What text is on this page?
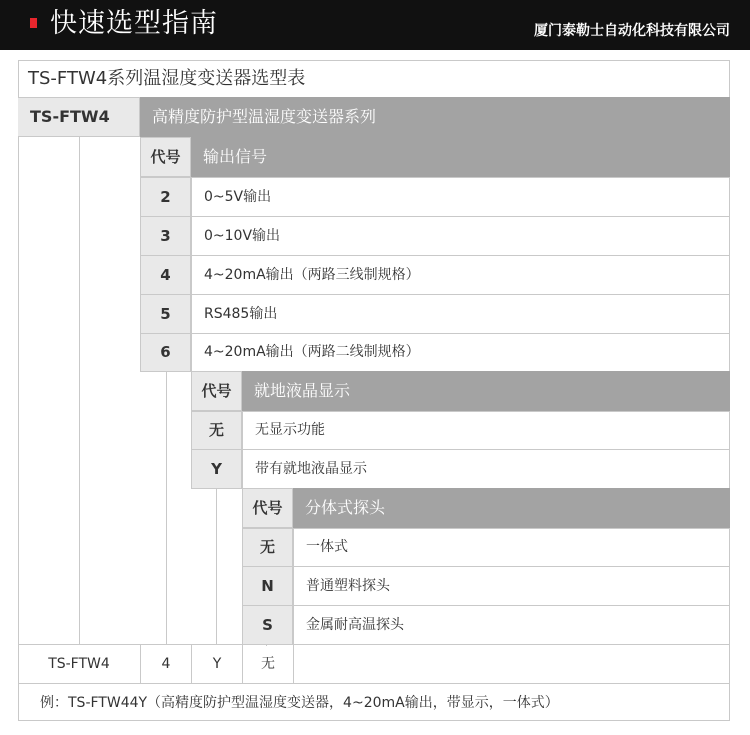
快速选型指南	厦门泰勒士自动化科技有限公司
TS-FTW4系列温湿度变送器选型表
TS-FTW4	高精度防护型温湿度变送器系列
代号	输出信号
2	0~5V输出
3	0~10V输出
4	4~20mA输出（两路三线制规格）
5	RS485输出
6	4~20mA输出（两路二线制规格）
代号	就地液晶显示
无	无显示功能
Y	带有就地液晶显示
代号	分体式探头
无	一体式
N	普通塑料探头
S	金属耐高温探头
TS-FTW4	4	Y	无
例：TS-FTW44Y（高精度防护型温湿度变送器，4~20mA输出，带显示，一体式）
